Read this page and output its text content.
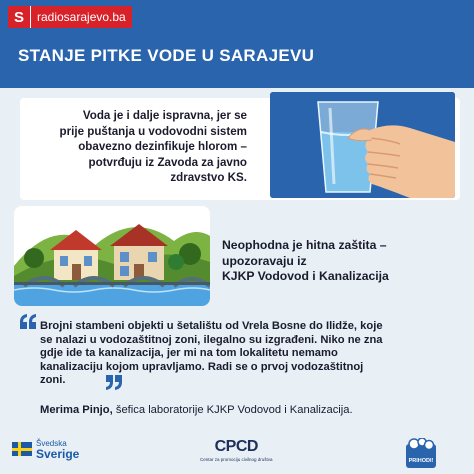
S	radiosarajevo.ba
STANJE PITKE VODE U SARAJEVU
Voda je i dalje ispravna, jer se
prije puštanja u vodovodni sistem
obavezno dezinfikuje hlorom –
potvrđuju iz Zavoda za javno
zdravstvo KS.
Neophodna je hitna zaštita –
upozoravaju iz
KJKP Vodovod i Kanalizacija
Brojni stambeni objekti u šetalištu od Vrela Bosne do Ilidže, koje
se nalazi u vodozaštitnoj zoni, ilegalno su izgrađeni. Niko ne zna
gdje ide ta kanalizacija, jer mi na tom lokalitetu nemamo
kanalizaciju kojom upravljamo. Radi se o prvoj vodozaštitnoj
zoni.
Merima Pinjo, šefica laboratorije KJKP Vodovod i Kanalizacija.
Švedska
Sverige	CPCD
Centar za promociju civilnog društva	PRIHODI!
